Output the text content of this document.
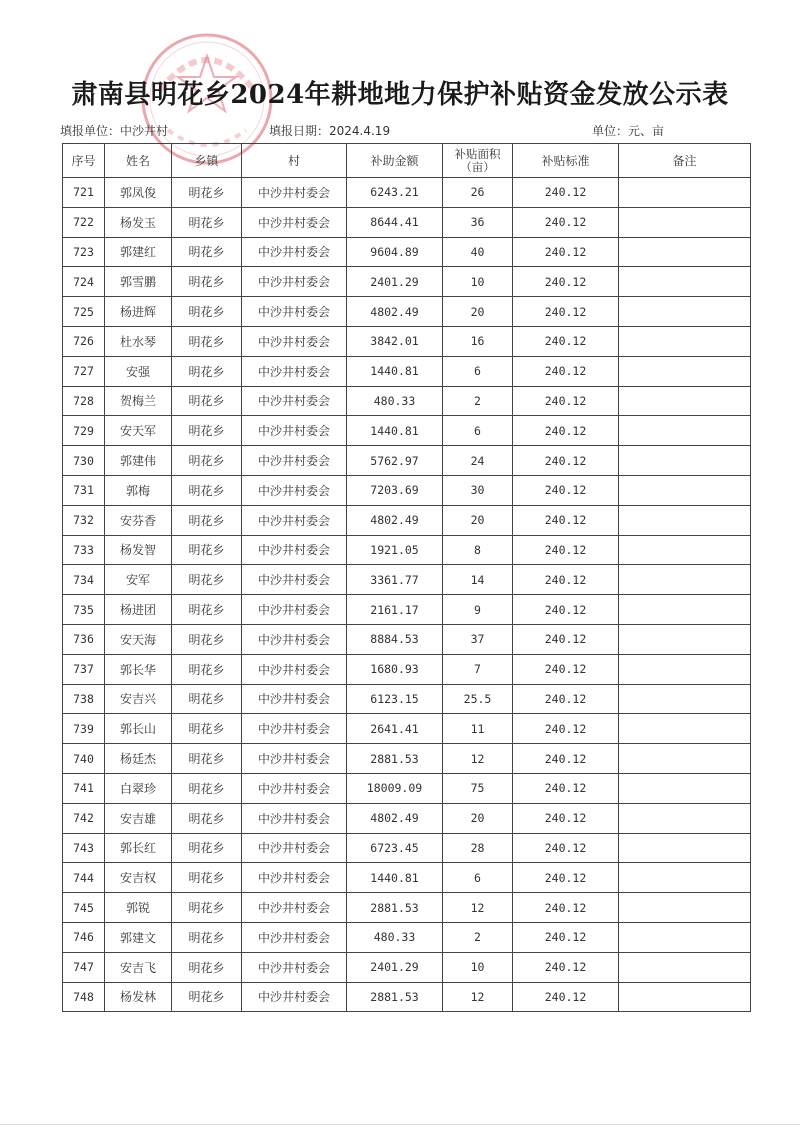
肃南县明花乡2024年耕地地力保护补贴资金发放公示表
填报单位：中沙井村	填报日期：2024.4.19	单位：元、亩
序号	姓名	乡镇	村	补助金额	补贴面积（亩）	补贴标准	备注
721	郭凤俊	明花乡	中沙井村委会	6243.21	26	240.12	
722	杨发玉	明花乡	中沙井村委会	8644.41	36	240.12	
723	郭建红	明花乡	中沙井村委会	9604.89	40	240.12	
724	郭雪鹏	明花乡	中沙井村委会	2401.29	10	240.12	
725	杨进辉	明花乡	中沙井村委会	4802.49	20	240.12	
726	杜水琴	明花乡	中沙井村委会	3842.01	16	240.12	
727	安强	明花乡	中沙井村委会	1440.81	6	240.12	
728	贺梅兰	明花乡	中沙井村委会	480.33	2	240.12	
729	安天军	明花乡	中沙井村委会	1440.81	6	240.12	
730	郭建伟	明花乡	中沙井村委会	5762.97	24	240.12	
731	郭梅	明花乡	中沙井村委会	7203.69	30	240.12	
732	安芬香	明花乡	中沙井村委会	4802.49	20	240.12	
733	杨发智	明花乡	中沙井村委会	1921.05	8	240.12	
734	安军	明花乡	中沙井村委会	3361.77	14	240.12	
735	杨进团	明花乡	中沙井村委会	2161.17	9	240.12	
736	安天海	明花乡	中沙井村委会	8884.53	37	240.12	
737	郭长华	明花乡	中沙井村委会	1680.93	7	240.12	
738	安吉兴	明花乡	中沙井村委会	6123.15	25.5	240.12	
739	郭长山	明花乡	中沙井村委会	2641.41	11	240.12	
740	杨廷杰	明花乡	中沙井村委会	2881.53	12	240.12	
741	白翠珍	明花乡	中沙井村委会	18009.09	75	240.12	
742	安吉雄	明花乡	中沙井村委会	4802.49	20	240.12	
743	郭长红	明花乡	中沙井村委会	6723.45	28	240.12	
744	安吉权	明花乡	中沙井村委会	1440.81	6	240.12	
745	郭锐	明花乡	中沙井村委会	2881.53	12	240.12	
746	郭建文	明花乡	中沙井村委会	480.33	2	240.12	
747	安吉飞	明花乡	中沙井村委会	2401.29	10	240.12	
748	杨发林	明花乡	中沙井村委会	2881.53	12	240.12	
